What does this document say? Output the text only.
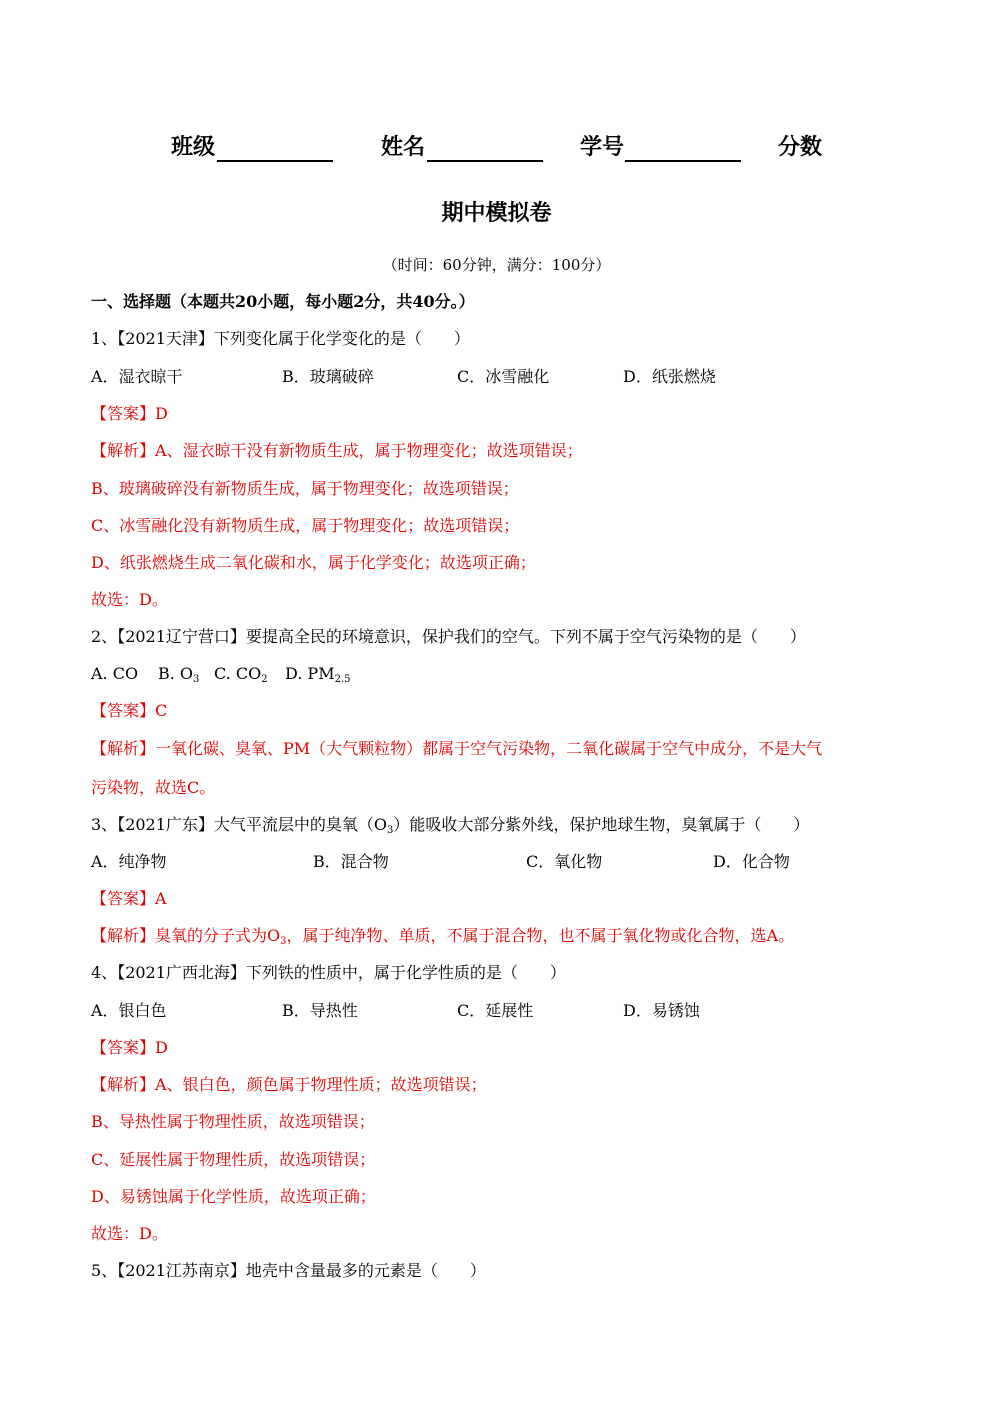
班级	姓名	学号	分数
期中模拟卷
（时间：60分钟，满分：100分）
一、选择题（本题共20小题，每小题2分，共40分。）
1、【2021天津】下列变化属于化学变化的是（　　）
A．湿衣晾干	B．玻璃破碎	C．冰雪融化	D．纸张燃烧
【答案】D
【解析】A、湿衣晾干没有新物质生成，属于物理变化；故选项错误；
B、玻璃破碎没有新物质生成，属于物理变化；故选项错误；
C、冰雪融化没有新物质生成，属于物理变化；故选项错误；
D、纸张燃烧生成二氧化碳和水，属于化学变化；故选项正确；
故选：D。
2、【2021辽宁营口】要提高全民的环境意识，保护我们的空气。下列不属于空气污染物的是（　　）
A. CO B. $O_3$ C. $CO_2$ D. $PM_{2.5}$
【答案】C
【解析】一氧化碳、臭氧、PM（大气颗粒物）都属于空气污染物，二氧化碳属于空气中成分，不是大气
污染物，故选C。
3、【2021广东】大气平流层中的臭氧$(O_3)$能吸收大部分紫外线，保护地球生物，臭氧属于（　　）
A．纯净物	B．混合物	C．氧化物	D．化合物
【答案】A
【解析】臭氧的分子式为$O_3$，属于纯净物、单质，不属于混合物，也不属于氧化物或化合物，选A。
4、【2021广西北海】下列铁的性质中，属于化学性质的是（　　）
A．银白色	B．导热性	C．延展性	D．易锈蚀
【答案】D
【解析】A、银白色，颜色属于物理性质；故选项错误；
B、导热性属于物理性质，故选项错误；
C、延展性属于物理性质，故选项错误；
D、易锈蚀属于化学性质，故选项正确；
故选：D。
5、【2021江苏南京】地壳中含量最多的元素是（　　）
